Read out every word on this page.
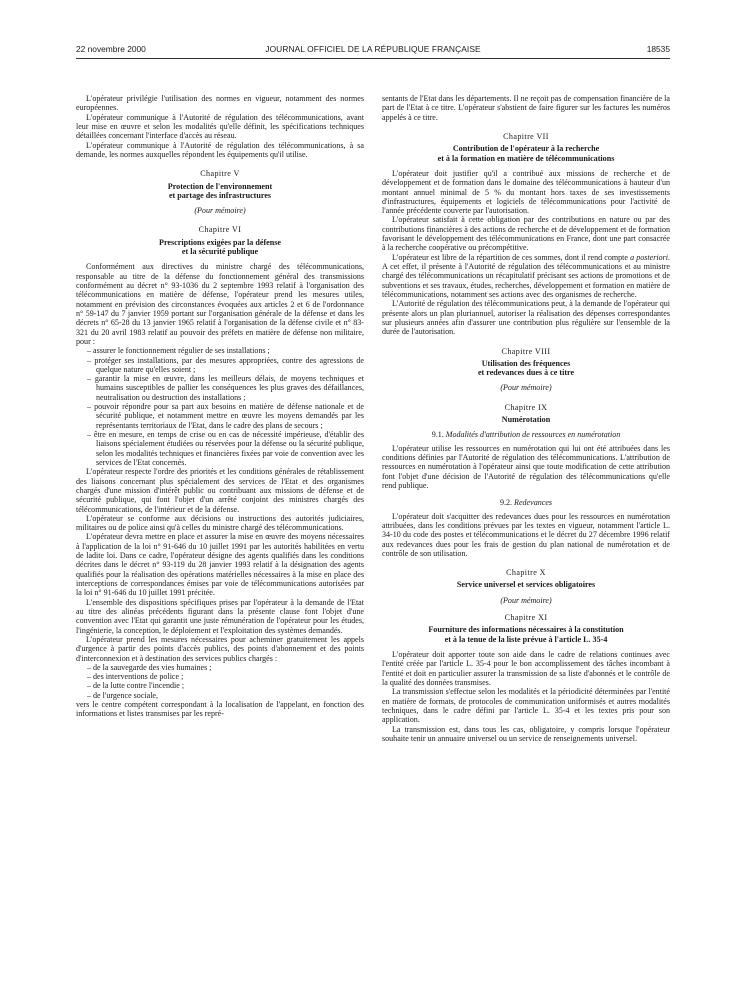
22 novembre 2000	JOURNAL OFFICIEL DE LA RÉPUBLIQUE FRANÇAISE	18535

L'opérateur privilégie l'utilisation des normes en vigueur, notamment des normes européennes.

L'opérateur communique à l'Autorité de régulation des télécommunications, avant leur mise en œuvre et selon les modalités qu'elle définit, les spécifications techniques détaillées concernant l'interface d'accès au réseau.

L'opérateur communique à l'Autorité de régulation des télécommunications, à sa demande, les normes auxquelles répondent les équipements qu'il utilise.

Chapitre V
Protection de l'environnement
et partage des infrastructures
(Pour mémoire)
Chapitre VI
Prescriptions exigées par la défense
et la sécurité publique

Conformément aux directives du ministre chargé des télécommunications, responsable au titre de la défense du fonctionnement général des transmissions conformément au décret n° 93-1036 du 2 septembre 1993 relatif à l'organisation des télécommunications en matière de défense, l'opérateur prend les mesures utiles, notamment en prévision des circonstances évoquées aux articles 2 et 6 de l'ordonnance n° 59-147 du 7 janvier 1959 portant sur l'organisation générale de la défense et dans les décrets n° 65-28 du 13 janvier 1965 relatif à l'organisation de la défense civile et n° 83-321 du 20 avril 1983 relatif au pouvoir des préfets en matière de défense non militaire, pour :

– assurer le fonctionnement régulier de ses installations ;
– protéger ses installations, par des mesures appropriées, contre des agressions de quelque nature qu'elles soient ;
– garantir la mise en œuvre, dans les meilleurs délais, de moyens techniques et humains susceptibles de pallier les conséquences les plus graves des défaillances, neutralisation ou destruction des installations ;
– pouvoir répondre pour sa part aux besoins en matière de défense nationale et de sécurité publique, et notamment mettre en œuvre les moyens demandés par les représentants territoriaux de l'Etat, dans le cadre des plans de secours ;
– être en mesure, en temps de crise ou en cas de nécessité impérieuse, d'établir des liaisons spécialement étudiées ou réservées pour la défense ou la sécurité publique, selon les modalités techniques et financières fixées par voie de convention avec les services de l'Etat concernés.

L'opérateur respecte l'ordre des priorités et les conditions générales de rétablissement des liaisons concernant plus spécialement des services de l'Etat et des organismes chargés d'une mission d'intérêt public ou contribuant aux missions de défense et de sécurité publique, qui font l'objet d'un arrêté conjoint des ministres chargés des télécommunications, de l'intérieur et de la défense.

L'opérateur se conforme aux décisions ou instructions des autorités judiciaires, militaires ou de police ainsi qu'à celles du ministre chargé des télécommunications.

L'opérateur devra mettre en place et assurer la mise en œuvre des moyens nécessaires à l'application de la loi n° 91-646 du 10 juillet 1991 par les autorités habilitées en vertu de ladite loi. Dans ce cadre, l'opérateur désigne des agents qualifiés dans les conditions décrites dans le décret n° 93-119 du 28 janvier 1993 relatif à la désignation des agents qualifiés pour la réalisation des opérations matérielles nécessaires à la mise en place des interceptions de correspondances émises par voie de télécommunications autorisées par la loi n° 91-646 du 10 juillet 1991 précitée.

L'ensemble des dispositions spécifiques prises par l'opérateur à la demande de l'Etat au titre des alinéas précédents figurant dans la présente clause font l'objet d'une convention avec l'Etat qui garantit une juste rémunération de l'opérateur pour les études, l'ingénierie, la conception, le déploiement et l'exploitation des systèmes demandés.

L'opérateur prend les mesures nécessaires pour acheminer gratuitement les appels d'urgence à partir des points d'accès publics, des points d'abonnement et des points d'interconnexion et à destination des services publics chargés :

– de la sauvegarde des vies humaines ;
– des interventions de police ;
– de la lutte contre l'incendie ;
– de l'urgence sociale,

vers le centre compétent correspondant à la localisation de l'appelant, en fonction des informations et listes transmises par les repré-

sentants de l'Etat dans les départements. Il ne reçoit pas de compensation financière de la part de l'Etat à ce titre. L'opérateur s'abstient de faire figurer sur les factures les numéros appelés à ce titre.

Chapitre VII
Contribution de l'opérateur à la recherche
et à la formation en matière de télécommunications

L'opérateur doit justifier qu'il a contribué aux missions de recherche et de développement et de formation dans le domaine des télécommunications à hauteur d'un montant annuel minimal de 5 % du montant hors taxes de ses investissements d'infrastructures, équipements et logiciels de télécommunications pour l'activité de l'année précédente couverte par l'autorisation.

L'opérateur satisfait à cette obligation par des contributions en nature ou par des contributions financières à des actions de recherche et de développement et de formation favorisant le développement des télécommunications en France, dont une part consacrée à la recherche coopérative ou précompétitive.

L'opérateur est libre de la répartition de ces sommes, dont il rend compte a posteriori. A cet effet, il présente à l'Autorité de régulation des télécommunications et au ministre chargé des télécommunications un récapitulatif précisant ses actions de promotions et de subventions et ses travaux, études, recherches, développement et formation en matière de télécommunications, notamment ses actions avec des organismes de recherche.

L'Autorité de régulation des télécommunications peut, à la demande de l'opérateur qui présente alors un plan pluriannuel, autoriser la réalisation des dépenses correspondantes sur plusieurs années afin d'assurer une contribution plus régulière sur l'ensemble de la durée de l'autorisation.

Chapitre VIII
Utilisation des fréquences
et redevances dues à ce titre
(Pour mémoire)
Chapitre IX
Numérotation
9.1. Modalités d'attribution de ressources en numérotation

L'opérateur utilise les ressources en numérotation qui lui ont été attribuées dans les conditions définies par l'Autorité de régulation des télécommunications. L'attribution de ressources en numérotation à l'opérateur ainsi que toute modification de cette attribution font l'objet d'une décision de l'Autorité de régulation des télécommunications qu'elle rend publique.

9.2. Redevances

L'opérateur doit s'acquitter des redevances dues pour les ressources en numérotation attribuées, dans les conditions prévues par les textes en vigueur, notamment l'article L. 34-10 du code des postes et télécommunications et le décret du 27 décembre 1996 relatif aux redevances dues pour les frais de gestion du plan national de numérotation et de contrôle de son utilisation.

Chapitre X
Service universel et services obligatoires
(Pour mémoire)
Chapitre XI
Fourniture des informations nécessaires à la constitution
et à la tenue de la liste prévue à l'article L. 35-4

L'opérateur doit apporter toute son aide dans le cadre de relations continues avec l'entité créée par l'article L. 35-4 pour le bon accomplissement des tâches incombant à l'entité et doit en particulier assurer la transmission de sa liste d'abonnés et le contrôle de la qualité des données transmises.

La transmission s'effectue selon les modalités et la périodicité déterminées par l'entité en matière de formats, de protocoles de communication uniformisés et autres modalités techniques, dans le cadre défini par l'article L. 35-4 et les textes pris pour son application.

La transmission est, dans tous les cas, obligatoire, y compris lorsque l'opérateur souhaite tenir un annuaire universel ou un service de renseignements universel.
